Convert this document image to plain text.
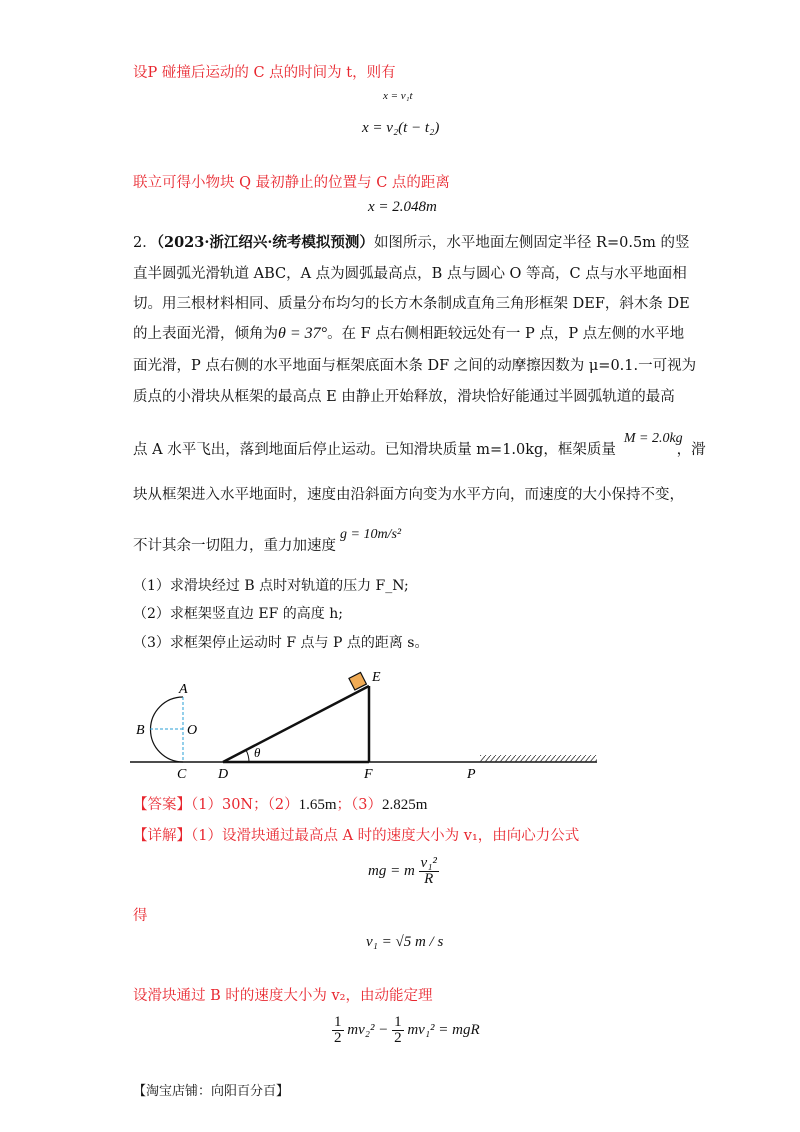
设P 碰撞后运动的 C 点的时间为 t，则有
x = v₁t
x = v₂(t − t₂)
联立可得小物块 Q 最初静止的位置与 C 点的距离
x = 2.048m
2．（2023·浙江绍兴·统考模拟预测）如图所示，水平地面左侧固定半径 R=0.5m 的竖
直半圆弧光滑轨道 ABC，A 点为圆弧最高点，B 点与圆心 O 等高，C 点与水平地面相
切。用三根材料相同、质量分布均匀的长方木条制成直角三角形框架 DEF，斜木条 DE
的上表面光滑，倾角为θ = 37°。在 F 点右侧相距较远处有一 P 点，P 点左侧的水平地
面光滑，P 点右侧的水平地面与框架底面木条 DF 之间的动摩擦因数为 μ=0.1.一可视为
质点的小滑块从框架的最高点 E 由静止开始释放，滑块恰好能通过半圆弧轨道的最高
点 A 水平飞出，落到地面后停止运动。已知滑块质量 m=1.0kg，框架质量M = 2.0kg，滑
块从框架进入水平地面时，速度由沿斜面方向变为水平方向，而速度的大小保持不变，
不计其余一切阻力，重力加速度g = 10m/s²
（1）求滑块经过 B 点时对轨道的压力 F_N;
（2）求框架竖直边 EF 的高度 h;
（3）求框架停止运动时 F 点与 P 点的距离 s。
A
B	O
C D
E
F	P
θ
【答案】（1）30N；（2）1.65m；（3）2.825m
【详解】（1）设滑块通过最高点 A 时的速度大小为 v₁，由向心力公式
mg = m $\frac{\text{v₁²}}{R}$
得
v₁ = √5 m / s
设滑块通过 B 时的速度大小为 v₂，由动能定理
$\frac{1}{2} mv_2^2 - \frac{1}{2} mv_1^2$ = mgR
【淘宝店铺：向阳百分百】
